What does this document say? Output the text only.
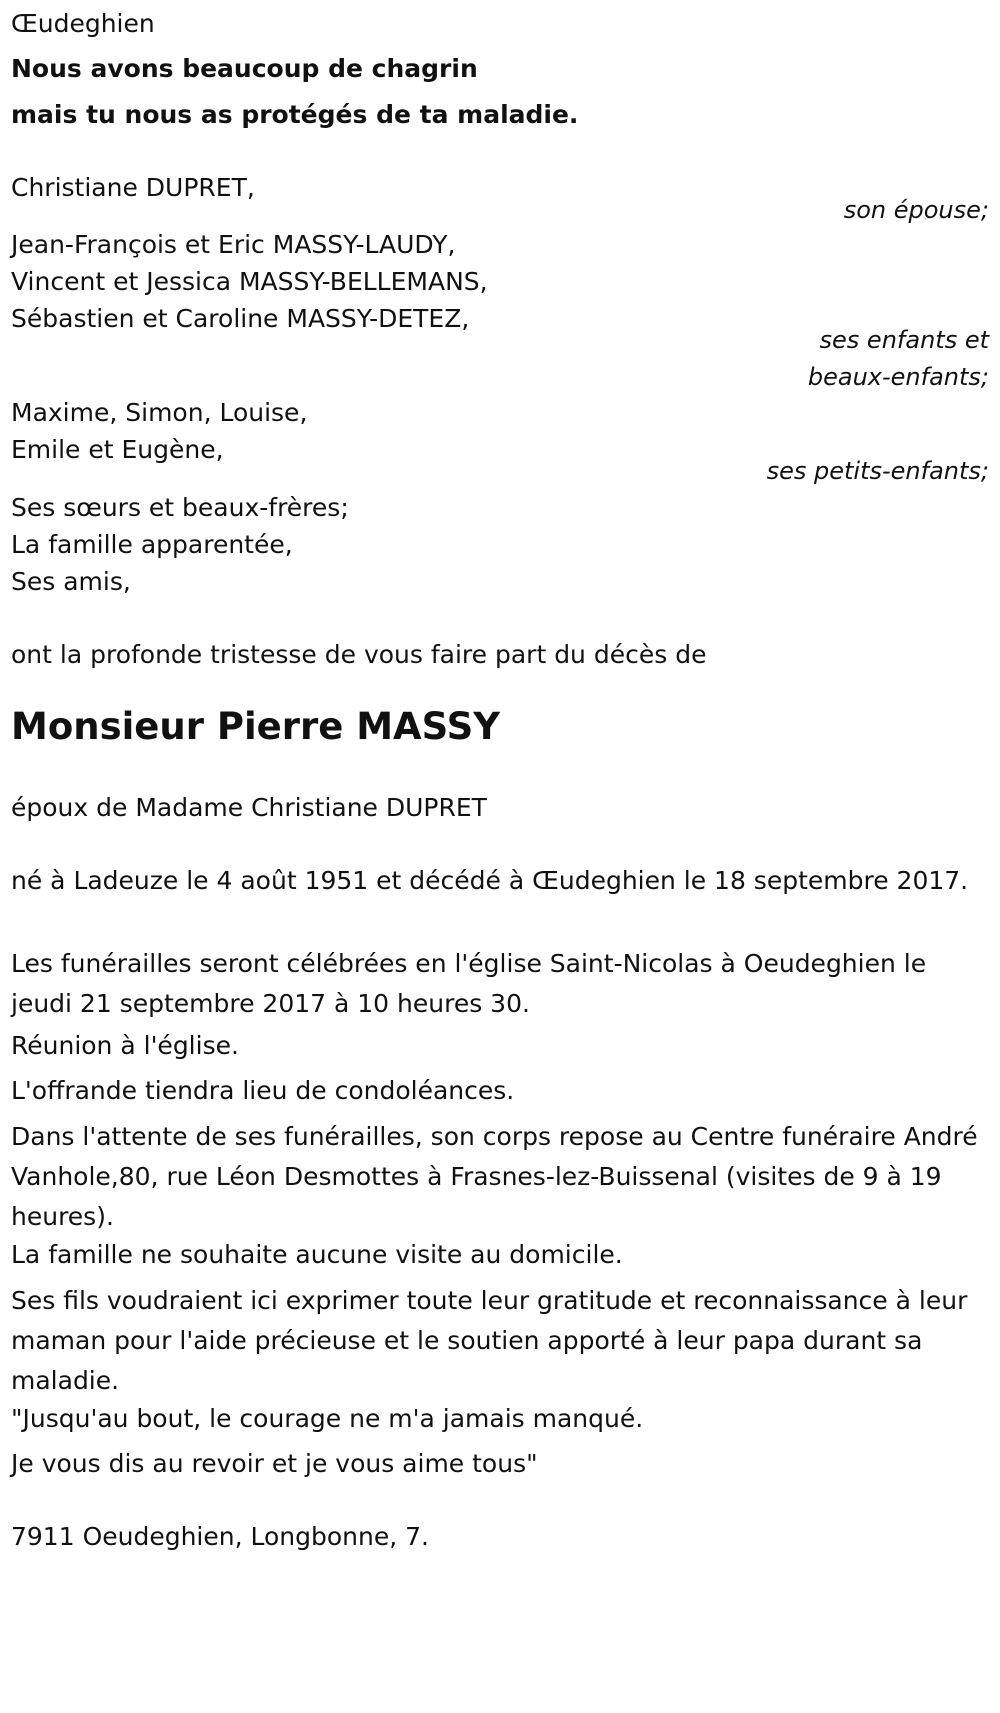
Œudeghien
Nous avons beaucoup de chagrin
mais tu nous as protégés de ta maladie.
Christiane DUPRET,
son épouse;
Jean-François et Eric MASSY-LAUDY,
Vincent et Jessica MASSY-BELLEMANS,
Sébastien et Caroline MASSY-DETEZ,
ses enfants et
beaux-enfants;
Maxime, Simon, Louise,
Emile et Eugène,
ses petits-enfants;
Ses sœurs et beaux-frères;
La famille apparentée,
Ses amis,
ont la profonde tristesse de vous faire part du décès de
Monsieur Pierre MASSY
époux de Madame Christiane DUPRET

né à Ladeuze le 4 août 1951 et décédé à Œudeghien le 18 septembre 2017.

Les funérailles seront célébrées en l'église Saint-Nicolas à Oeudeghien le jeudi 21 septembre 2017 à 10 heures 30.

Réunion à l'église.

L'offrande tiendra lieu de condoléances.

Dans l'attente de ses funérailles, son corps repose au Centre funéraire André Vanhole,80, rue Léon Desmottes à Frasnes-lez-Buissenal (visites de 9 à 19 heures).

La famille ne souhaite aucune visite au domicile.

Ses fils voudraient ici exprimer toute leur gratitude et reconnaissance à leur maman pour l'aide précieuse et le soutien apporté à leur papa durant sa maladie.

"Jusqu'au bout, le courage ne m'a jamais manqué.
Je vous dis au revoir et je vous aime tous"
7911 Oeudeghien, Longbonne, 7.
